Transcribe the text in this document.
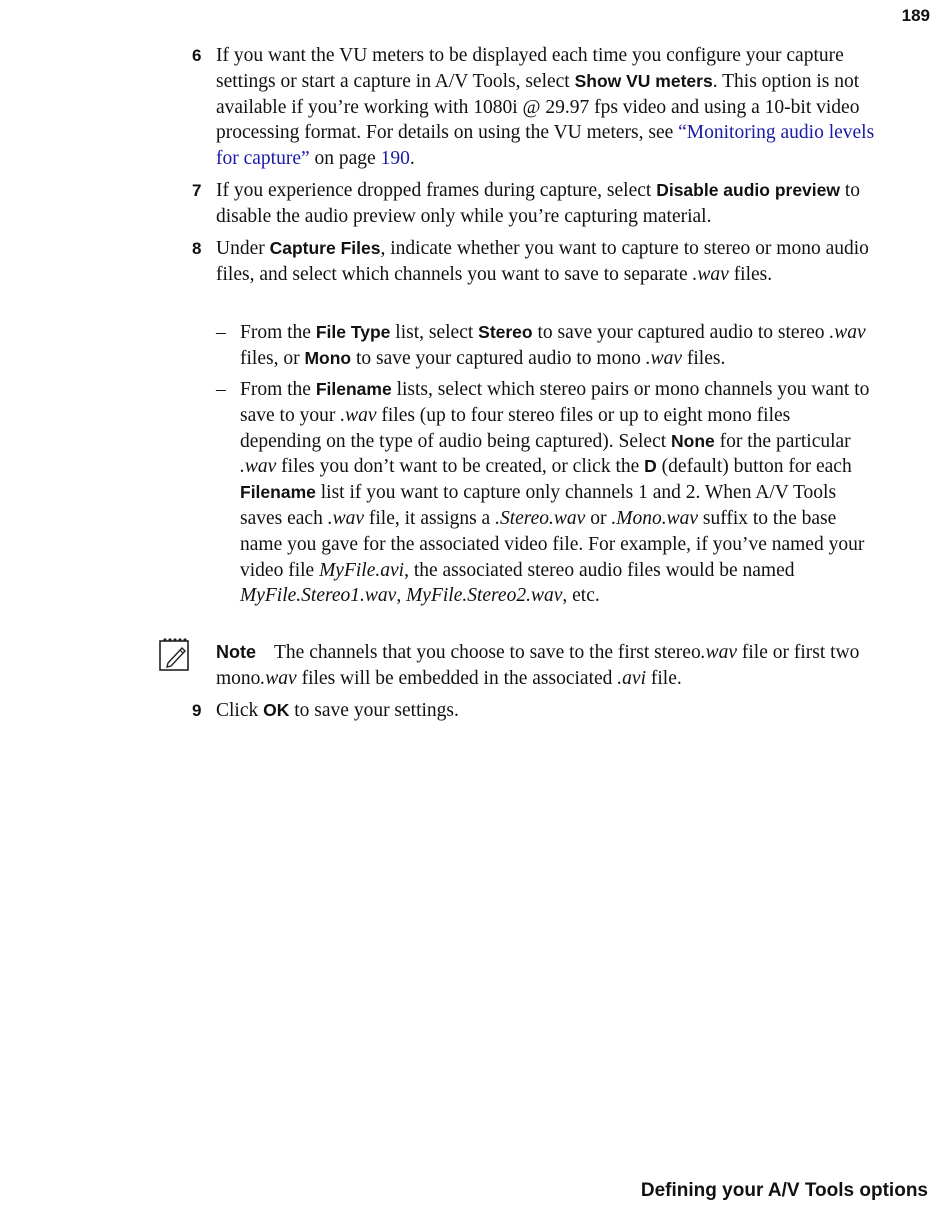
189
6 If you want the VU meters to be displayed each time you configure your capture settings or start a capture in A/V Tools, select Show VU meters. This option is not available if you’re working with 1080i @ 29.97 fps video and using a 10-bit video processing format. For details on using the VU meters, see “Monitoring audio levels for capture” on page 190.
7 If you experience dropped frames during capture, select Disable audio preview to disable the audio preview only while you’re capturing material.
8 Under Capture Files, indicate whether you want to capture to stereo or mono audio files, and select which channels you want to save to separate .wav files.
– From the File Type list, select Stereo to save your captured audio to stereo .wav files, or Mono to save your captured audio to mono .wav files.
– From the Filename lists, select which stereo pairs or mono channels you want to save to your .wav files (up to four stereo files or up to eight mono files depending on the type of audio being captured). Select None for the particular .wav files you don’t want to be created, or click the D (default) button for each Filename list if you want to capture only channels 1 and 2. When A/V Tools saves each .wav file, it assigns a .Stereo.wav or .Mono.wav suffix to the base name you gave for the associated video file. For example, if you’ve named your video file MyFile.avi, the associated stereo audio files would be named MyFile.Stereo1.wav, MyFile.Stereo2.wav, etc.
Note The channels that you choose to save to the first stereo.wav file or first two mono.wav files will be embedded in the associated .avi file.
9 Click OK to save your settings.
Defining your A/V Tools options
